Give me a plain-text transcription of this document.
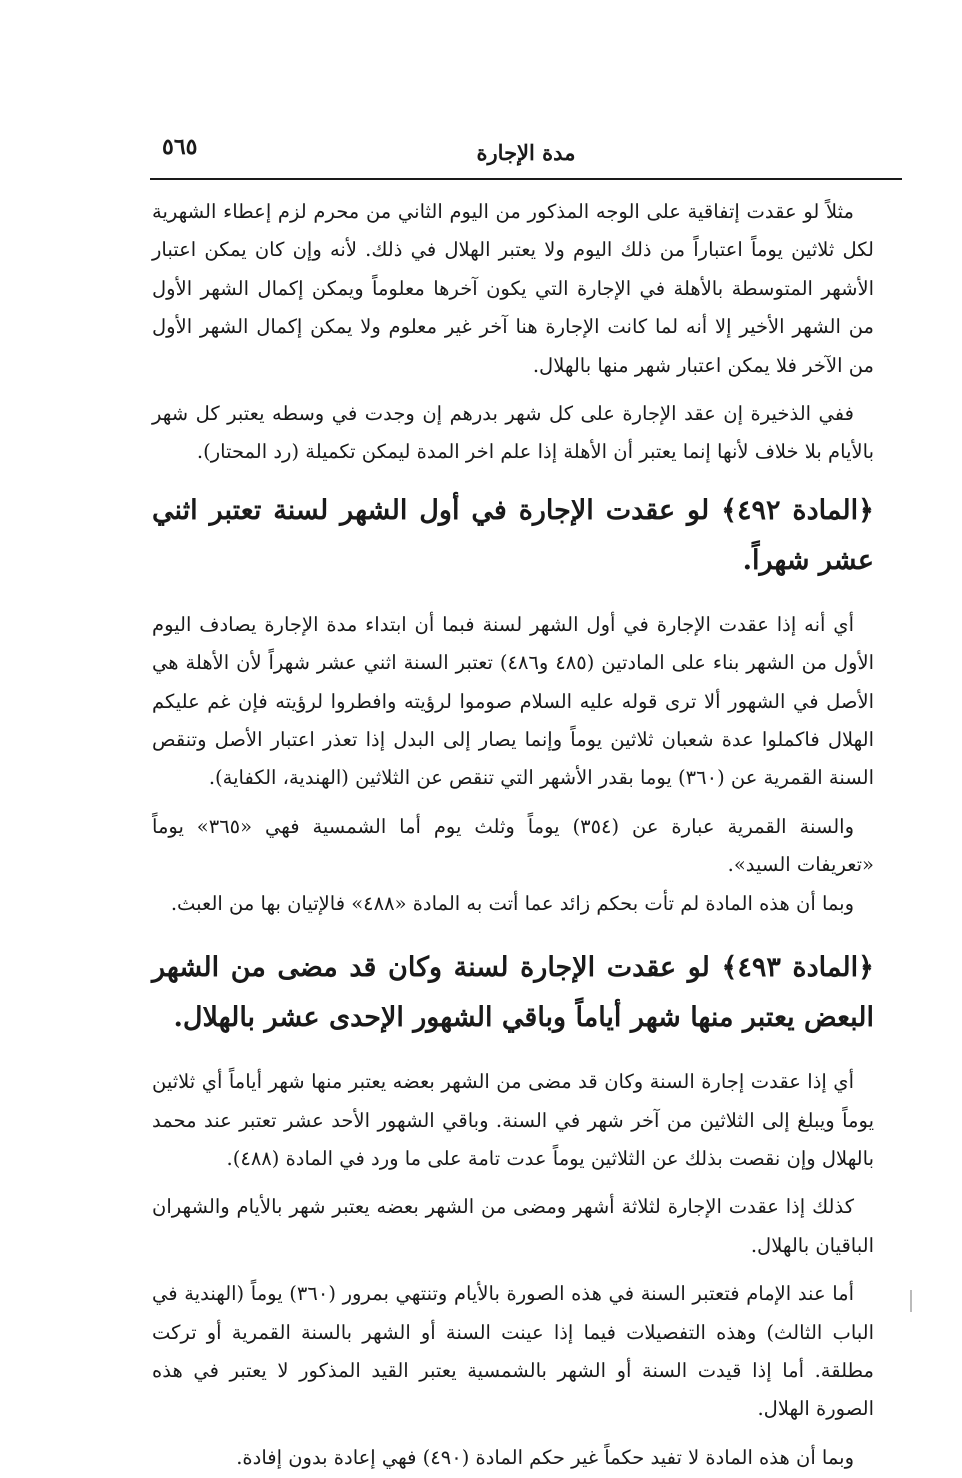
٥٦٥	مدة الإجارة

مثلاً لو عقدت إتفاقية على الوجه المذكور من اليوم الثاني من محرم لزم إعطاء الشهرية لكل ثلاثين يوماً اعتباراً من ذلك اليوم ولا يعتبر الهلال في ذلك. لأنه وإن كان يمكن اعتبار الأشهر المتوسطة بالأهلة في الإجارة التي يكون آخرها معلوماً ويمكن إكمال الشهر الأول من الشهر الأخير إلا أنه لما كانت الإجارة هنا آخر غير معلوم ولا يمكن إكمال الشهر الأول من الآخر فلا يمكن اعتبار شهر منها بالهلال.

ففي الذخيرة إن عقد الإجارة على كل شهر بدرهم إن وجدت في وسطه يعتبر كل شهر بالأيام بلا خلاف لأنها إنما يعتبر أن الأهلة إذا علم اخر المدة ليمكن تكميلة (رد المحتار).

﴿المادة ٤٩٢﴾ لو عقدت الإجارة في أول الشهر لسنة تعتبر اثني عشر شهراً.

أي أنه إذا عقدت الإجارة في أول الشهر لسنة فبما أن ابتداء مدة الإجارة يصادف اليوم الأول من الشهر بناء على المادتين (٤٨٥ و٤٨٦) تعتبر السنة اثني عشر شهراً لأن الأهلة هي الأصل في الشهور ألا ترى قوله عليه السلام صوموا لرؤيته وافطروا لرؤيته فإن غم عليكم الهلال فاكملوا عدة شعبان ثلاثين يوماً وإنما يصار إلى البدل إذا تعذر اعتبار الأصل وتنقص السنة القمرية عن (٣٦٠) يوما بقدر الأشهر التي تنقص عن الثلاثين (الهندية، الكفاية).

والسنة القمرية عبارة عن (٣٥٤) يوماً وثلث يوم أما الشمسية فهي «٣٦٥» يوماً «تعريفات السيد».

وبما أن هذه المادة لم تأت بحكم زائد عما أتت به المادة «٤٨٨» فالإتيان بها من العبث.

﴿المادة ٤٩٣﴾ لو عقدت الإجارة لسنة وكان قد مضى من الشهر البعض يعتبر منها شهر أياماً وباقي الشهور الإحدى عشر بالهلال.

أي إذا عقدت إجارة السنة وكان قد مضى من الشهر بعضه يعتبر منها شهر أياماً أي ثلاثين يوماً ويبلغ إلى الثلاثين من آخر شهر في السنة. وباقي الشهور الأحد عشر تعتبر عند محمد بالهلال وإن نقصت بذلك عن الثلاثين يوماً عدت تامة على ما ورد في المادة (٤٨٨).

كذلك إذا عقدت الإجارة لثلاثة أشهر ومضى من الشهر بعضه يعتبر شهر بالأيام والشهران الباقيان بالهلال.

أما عند الإمام فتعتبر السنة في هذه الصورة بالأيام وتنتهي بمرور (٣٦٠) يوماً (الهندية في الباب الثالث) وهذه التفصيلات فيما إذا عينت السنة أو الشهر بالسنة القمرية أو تركت مطلقة. أما إذا قيدت السنة أو الشهر بالشمسية يعتبر القيد المذكور لا يعتبر في هذه الصورة الهلال.

وبما أن هذه المادة لا تفيد حكماً غير حكم المادة (٤٩٠) فهي إعادة بدون إفادة.
